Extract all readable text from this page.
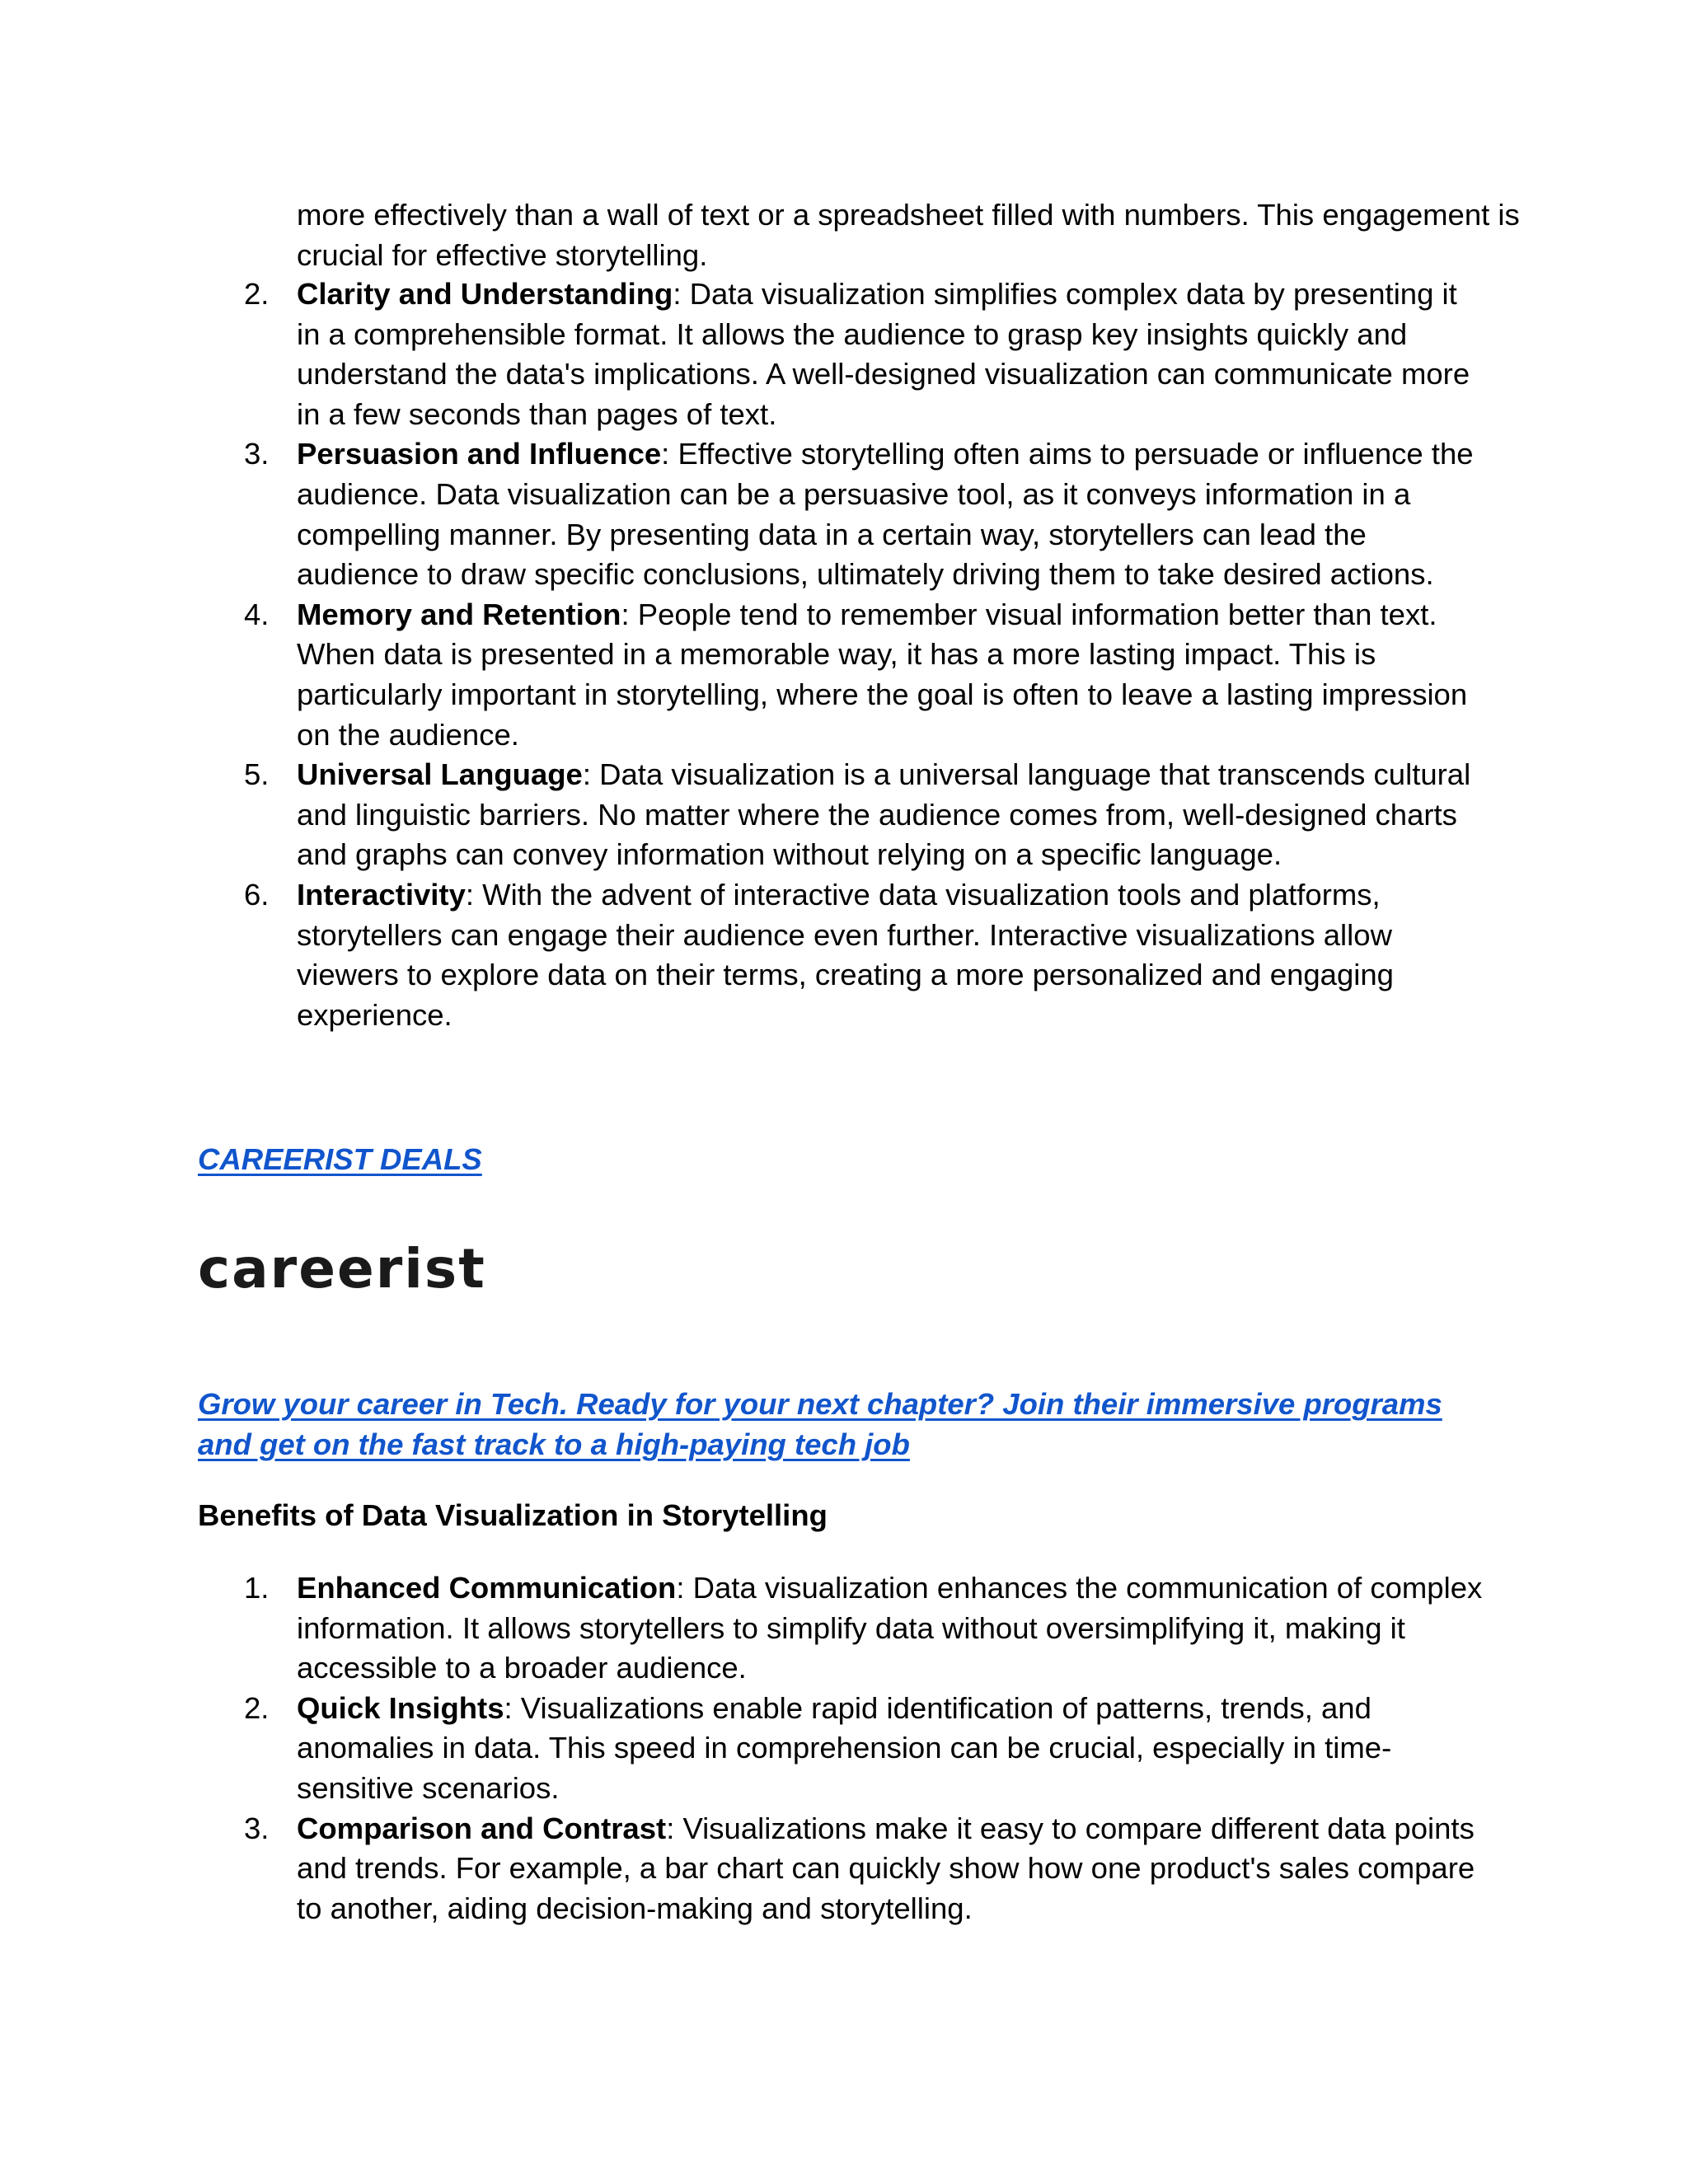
more effectively than a wall of text or a spreadsheet filled with numbers. This engagement is crucial for effective storytelling.

2. Clarity and Understanding: Data visualization simplifies complex data by presenting it in a comprehensible format. It allows the audience to grasp key insights quickly and understand the data's implications. A well-designed visualization can communicate more in a few seconds than pages of text.
3. Persuasion and Influence: Effective storytelling often aims to persuade or influence the audience. Data visualization can be a persuasive tool, as it conveys information in a compelling manner. By presenting data in a certain way, storytellers can lead the audience to draw specific conclusions, ultimately driving them to take desired actions.
4. Memory and Retention: People tend to remember visual information better than text. When data is presented in a memorable way, it has a more lasting impact. This is particularly important in storytelling, where the goal is often to leave a lasting impression on the audience.
5. Universal Language: Data visualization is a universal language that transcends cultural and linguistic barriers. No matter where the audience comes from, well-designed charts and graphs can convey information without relying on a specific language.
6. Interactivity: With the advent of interactive data visualization tools and platforms, storytellers can engage their audience even further. Interactive visualizations allow viewers to explore data on their terms, creating a more personalized and engaging experience.
CAREERIST DEALS
careerist
Grow your career in Tech. Ready for your next chapter? Join their immersive programs and get on the fast track to a high-paying tech job
Benefits of Data Visualization in Storytelling
1. Enhanced Communication: Data visualization enhances the communication of complex information. It allows storytellers to simplify data without oversimplifying it, making it accessible to a broader audience.
2. Quick Insights: Visualizations enable rapid identification of patterns, trends, and anomalies in data. This speed in comprehension can be crucial, especially in time-sensitive scenarios.
3. Comparison and Contrast: Visualizations make it easy to compare different data points and trends. For example, a bar chart can quickly show how one product's sales compare to another, aiding decision-making and storytelling.
